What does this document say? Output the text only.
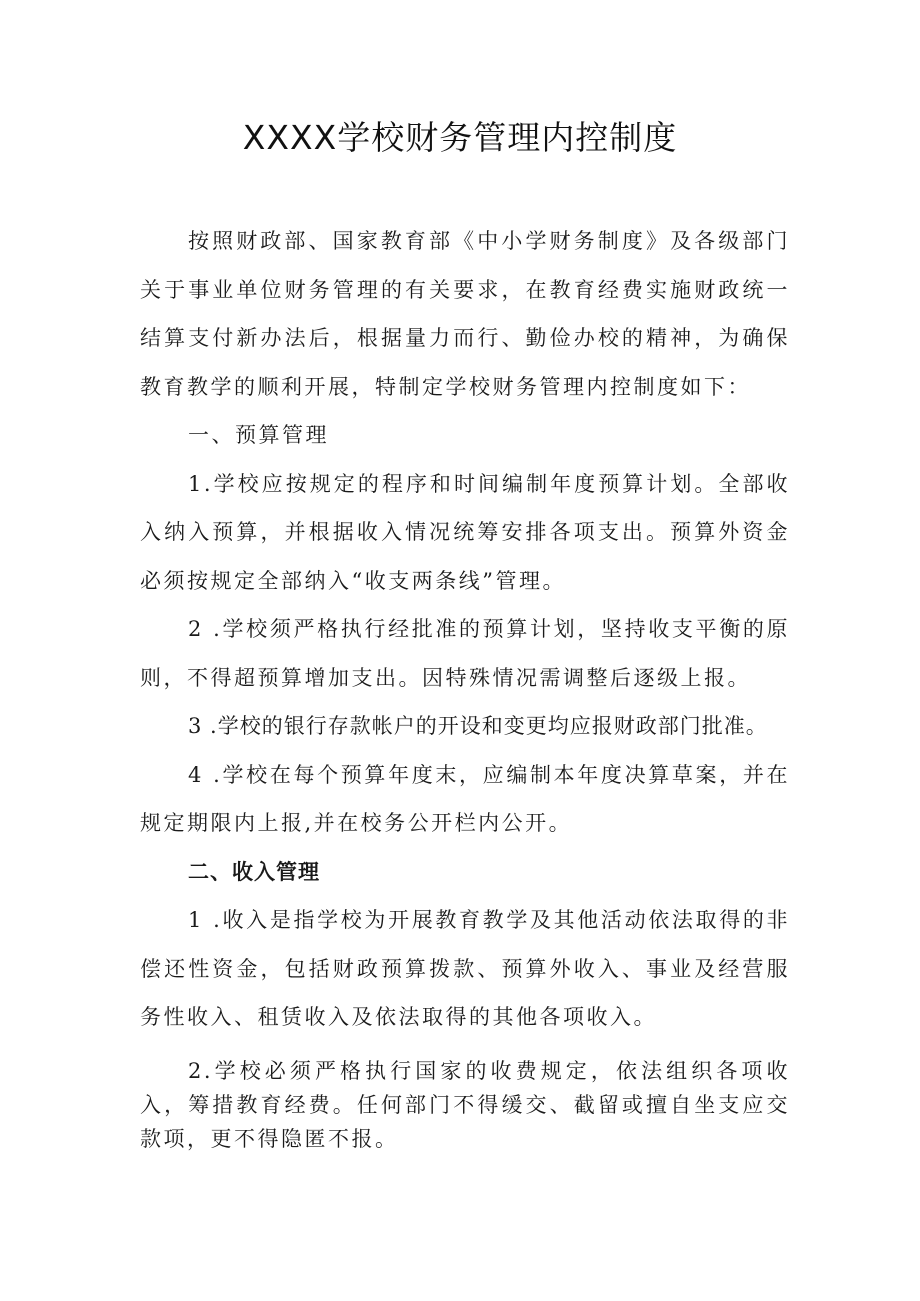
XXXX学校财务管理内控制度

按照财政部、国家教育部《中小学财务制度》及各级部门关于事业单位财务管理的有关要求，在教育经费实施财政统一结算支付新办法后，根据量力而行、勤俭办校的精神，为确保教育教学的顺利开展，特制定学校财务管理内控制度如下：

一、预算管理

1.学校应按规定的程序和时间编制年度预算计划。全部收入纳入预算，并根据收入情况统筹安排各项支出。预算外资金必须按规定全部纳入“收支两条线”管理。

2 .学校须严格执行经批准的预算计划，坚持收支平衡的原则，不得超预算增加支出。因特殊情况需调整后逐级上报。

3 .学校的银行存款帐户的开设和变更均应报财政部门批准。

4 .学校在每个预算年度末，应编制本年度决算草案，并在规定期限内上报,并在校务公开栏内公开。

二、收入管理

1 .收入是指学校为开展教育教学及其他活动依法取得的非偿还性资金，包括财政预算拨款、预算外收入、事业及经营服务性收入、租赁收入及依法取得的其他各项收入。

2.学校必须严格执行国家的收费规定，依法组织各项收入，筹措教育经费。任何部门不得缓交、截留或擅自坐支应交款项，更不得隐匿不报。
